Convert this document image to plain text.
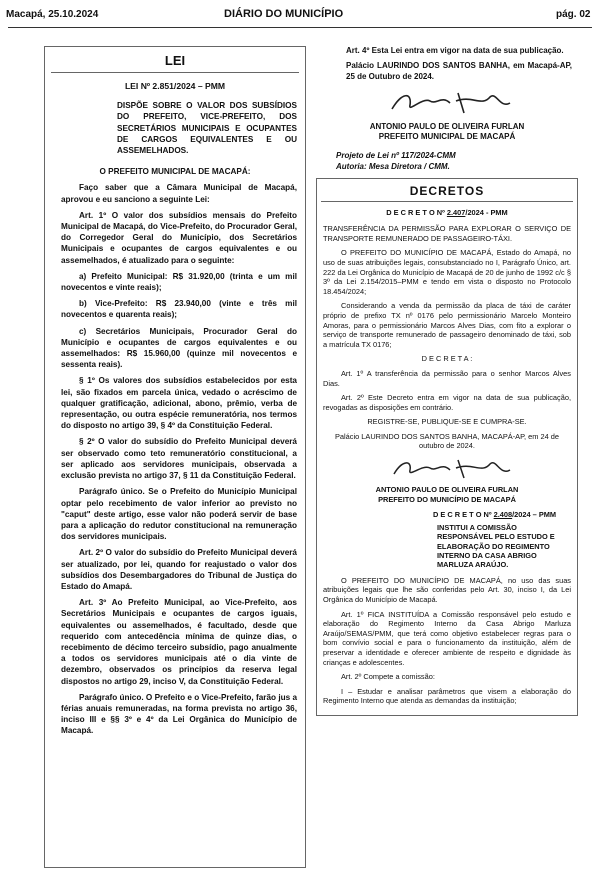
Macapá, 25.10.2024	DIÁRIO DO MUNICÍPIO	pág. 02
LEI
LEI Nº 2.851/2024 – PMM
DISPÕE SOBRE O VALOR DOS SUBSÍDIOS DO PREFEITO, VICE-PREFEITO, DOS SECRETÁRIOS MUNICIPAIS E OCUPANTES DE CARGOS EQUIVALENTES E OU ASSEMELHADOS.
O PREFEITO MUNICIPAL DE MACAPÁ:
Faço saber que a Câmara Municipal de Macapá, aprovou e eu sanciono a seguinte Lei:
Art. 1º O valor dos subsídios mensais do Prefeito Municipal de Macapá, do Vice-Prefeito, do Procurador Geral, do Corregedor Geral do Município, dos Secretários Municipais e ocupantes de cargos equivalentes e ou assemelhados, é atualizado para o seguinte:
a) Prefeito Municipal: R$ 31.920,00 (trinta e um mil novecentos e vinte reais);
b) Vice-Prefeito: R$ 23.940,00 (vinte e três mil novecentos e quarenta reais);
c) Secretários Municipais, Procurador Geral do Município e ocupantes de cargos equivalentes e ou assemelhados: R$ 15.960,00 (quinze mil novecentos e sessenta reais).
§ 1º Os valores dos subsídios estabelecidos por esta lei, são fixados em parcela única, vedado o acréscimo de qualquer gratificação, adicional, abono, prêmio, verba de representação, ou outra espécie remuneratória, nos termos do disposto no artigo 39, § 4º da Constituição Federal.
§ 2º O valor do subsídio do Prefeito Municipal deverá ser observado como teto remuneratório constitucional, a ser aplicado aos servidores municipais, observada a exclusão prevista no artigo 37, § 11 da Constituição Federal.
Parágrafo único. Se o Prefeito do Município Municipal optar pelo recebimento de valor inferior ao previsto no "caput" deste artigo, esse valor não poderá servir de base para a aplicação do redutor constitucional na remuneração dos servidores municipais.
Art. 2º O valor do subsídio do Prefeito Municipal deverá ser atualizado, por lei, quando for reajustado o valor dos subsídios dos Desembargadores do Tribunal de Justiça do Estado do Amapá.
Art. 3º Ao Prefeito Municipal, ao Vice-Prefeito, aos Secretários Municipais e ocupantes de cargos iguais, equivalentes ou assemelhados, é facultado, desde que requerido com antecedência mínima de quinze dias, o recebimento de décimo terceiro subsídio, pago anualmente a todos os servidores municipais até o dia vinte de dezembro, observados os princípios da reserva legal dispostos no artigo 29, inciso V, da Constituição Federal.
Parágrafo único. O Prefeito e o Vice-Prefeito, farão jus a férias anuais remuneradas, na forma prevista no artigo 36, inciso III e §§ 3º e 4º da Lei Orgânica do Município de Macapá.
Art. 4º Esta Lei entra em vigor na data de sua publicação.
Palácio LAURINDO DOS SANTOS BANHA, em Macapá-AP, 25 de Outubro de 2024.
ANTONIO PAULO DE OLIVEIRA FURLAN
PREFEITO MUNICIPAL DE MACAPÁ
Projeto de Lei nº 117/2024-CMM
Autoria: Mesa Diretora / CMM.
DECRETOS
D E C R E T O Nº 2.407/2024 - PMM
TRANSFERÊNCIA DA PERMISSÃO PARA EXPLORAR O SERVIÇO DE TRANSPORTE REMUNERADO DE PASSAGEIRO-TÁXI.
O PREFEITO DO MUNICÍPIO DE MACAPÁ, Estado do Amapá, no uso de suas atribuições legais, consubstanciado no I, Parágrafo Único, art. 222 da Lei Orgânica do Município de Macapá de 20 de junho de 1992 c/c § 3º da Lei 2.154/2015–PMM e tendo em vista o disposto no Protocolo 18.454/2024;
Considerando a venda da permissão da placa de táxi de caráter próprio de prefixo TX nº 0176 pelo permissionário Marcelo Monteiro Amoras, para o permissionário Marcos Alves Dias, com fito a explorar o serviço de transporte remunerado de passageiro denominado de táxi, sob a matrícula TX 0176;
D E C R E T A :
Art. 1º A transferência da permissão para o senhor Marcos Alves Dias.
Art. 2º Este Decreto entra em vigor na data de sua publicação, revogadas as disposições em contrário.
REGISTRE-SE, PUBLIQUE-SE E CUMPRA-SE.
Palácio LAURINDO DOS SANTOS BANHA, MACAPÁ-AP, em 24 de outubro de 2024.
ANTONIO PAULO DE OLIVEIRA FURLAN
PREFEITO DO MUNICÍPIO DE MACAPÁ
D E C R E T O Nº 2.408/2024 – PMM
INSTITUI A COMISSÃO RESPONSÁVEL PELO ESTUDO E ELABORAÇÃO DO REGIMENTO INTERNO DA CASA ABRIGO MARLUZA ARAÚJO.
O PREFEITO DO MUNICÍPIO DE MACAPÁ, no uso das suas atribuições legais que lhe são conferidas pelo Art. 30, inciso I, da Lei Orgânica do Município de Macapá.
Art. 1º FICA INSTITUÍDA a Comissão responsável pelo estudo e elaboração do Regimento Interno da Casa Abrigo Marluza Araújo/SEMAS/PMM, que terá como objetivo estabelecer regras para o bom convívio social e para o funcionamento da instituição, além de preservar a identidade e oferecer ambiente de respeito e dignidade às crianças e adolescentes.
Art. 2º Compete a comissão:
I – Estudar e analisar parâmetros que visem a elaboração do Regimento Interno que atenda as demandas da instituição;
